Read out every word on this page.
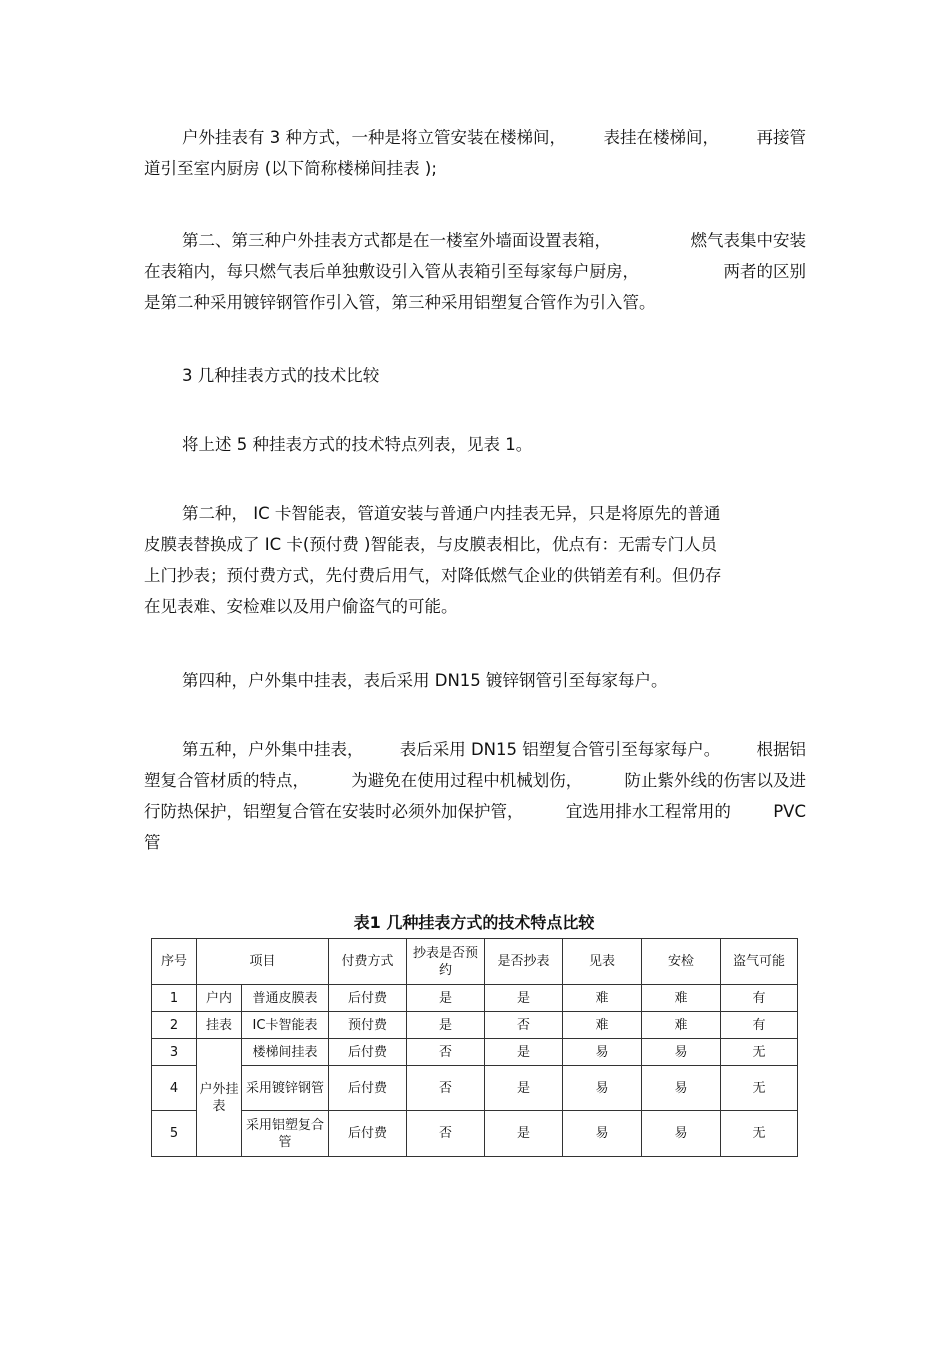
户外挂表有 3 种方式，一种是将立管安装在楼梯间， 表挂在楼梯间， 再接管
道引至室内厨房 (以下简称楼梯间挂表 );
第二、第三种户外挂表方式都是在一楼室外墙面设置表箱，	燃气表集中安装
在表箱内，每只燃气表后单独敷设引入管从表箱引至每家每户厨房，	两者的区别
是第二种采用镀锌钢管作引入管，第三种采用铝塑复合管作为引入管。
3 几种挂表方式的技术比较
将上述 5 种挂表方式的技术特点列表，见表 1。
第二种， IC 卡智能表，管道安装与普通户内挂表无异，只是将原先的普通
皮膜表替换成了 IC 卡(预付费 )智能表，与皮膜表相比，优点有：无需专门人员
上门抄表；预付费方式，先付费后用气，对降低燃气企业的供销差有利。但仍存
在见表难、安检难以及用户偷盗气的可能。
第四种，户外集中挂表，表后采用 DN15 镀锌钢管引至每家每户。
第五种，户外集中挂表， 表后采用 DN15 铝塑复合管引至每家每户。 根据铝
塑复合管材质的特点，	为避免在使用过程中机械划伤，	防止紫外线的伤害以及进
行防热保护，铝塑复合管在安装时必须外加保护管，	宜选用排水工程常用的	PVC
管
表1 几种挂表方式的技术特点比较
序号	项目		付费方式	抄表是否预约	是否抄表	见表	安检	盗气可能
1	户内	普通皮膜表	后付费	是	是	难	难	有
2	挂表	IC卡智能表	预付费	是	否	难	难	有
3	户外挂表	楼梯间挂表	后付费	否	是	易	易	无
4		采用镀锌钢管	后付费	否	是	易	易	无
5		采用铝塑复合管	后付费	否	是	易	易	无
